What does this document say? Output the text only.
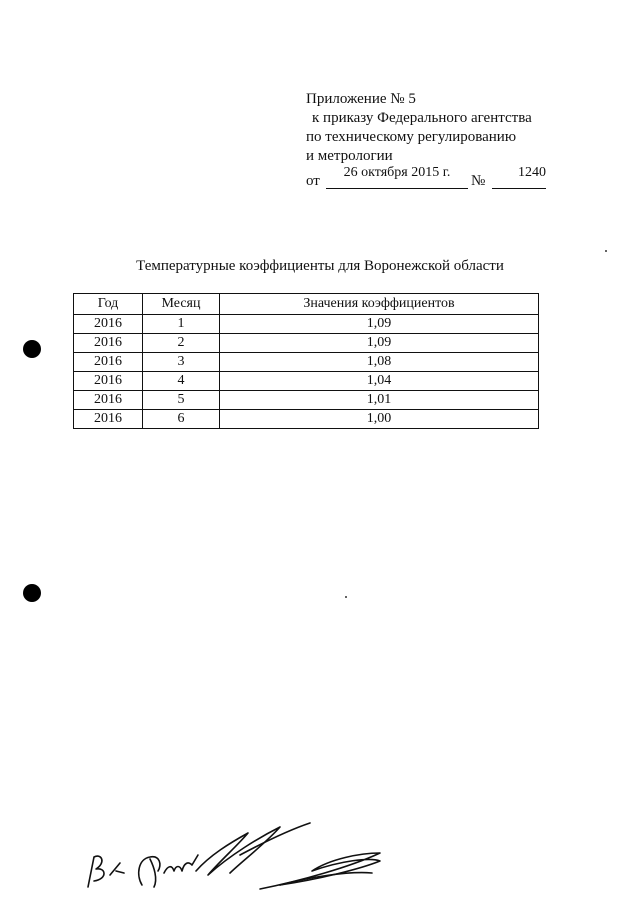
Приложение № 5
к приказу Федерального агентства
по техническому регулированию
и метрологии
от
26 октября 2015 г.
№
1240
Температурные коэффициенты для Воронежской области
Год	Месяц	Значения коэффициентов
2016	1	1,09
2016	2	1,09
2016	3	1,08
2016	4	1,04
2016	5	1,01
2016	6	1,00
